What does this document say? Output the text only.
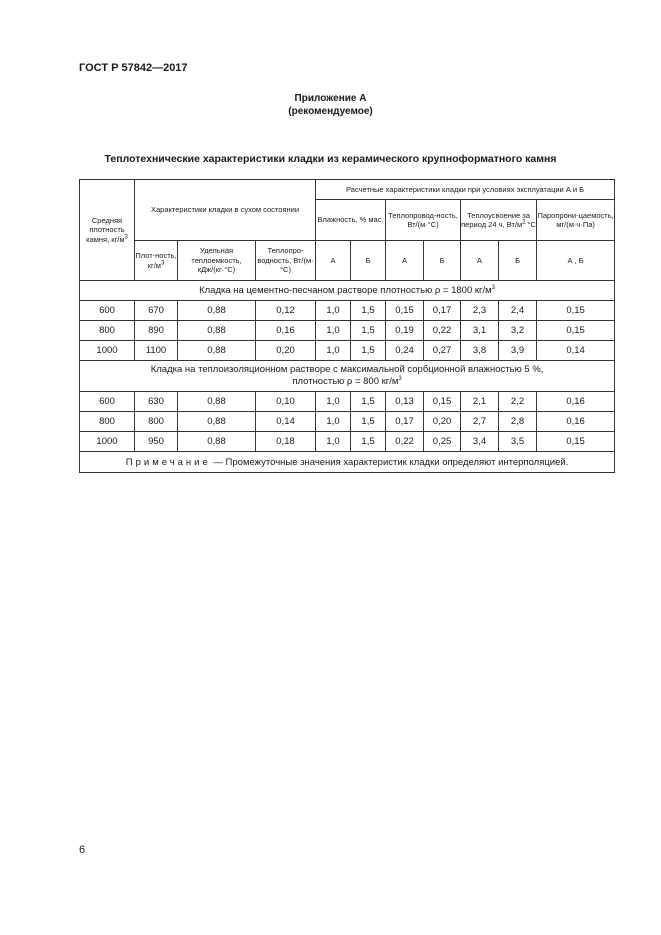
ГОСТ Р 57842—2017
Приложение А
(рекомендуемое)
Теплотехнические характеристики кладки из керамического крупноформатного камня
Средняя плотность камня, $кг/м^3$	Характеристики кладки в сухом состоянии			Расчетные характеристики кладки при условиях эксплуатации А и Б						
				Влажность, % мас.		Теплопровод-ность, Вт/(м·°С)		Теплоусвоение за период 24 ч, $Вт/м^2$ °С		Паропрони-цаемость, мг/(м·ч·Па)
	Плот-ность, $кг/м^3$	Удельная теплоемкость, кДж/(кг·°С)	Теплопро-водность, Вт/(м· °С)	А	Б	А	Б	А	Б	А , Б
Кладка на цементно-песчаном растворе плотностью ρ = 1800 $кг/м^3$
600	670	0,88	0,12	1,0	1,5	0,15	0,17	2,3	2,4	0,15
800	890	0,88	0,16	1,0	1,5	0,19	0,22	3,1	3,2	0,15
1000	1100	0,88	0,20	1,0	1,5	0,24	0,27	3,8	3,9	0,14

Кладка на теплоизоляционном растворе с максимальной сорбционной влажностью 5 %,
плотностью ρ = 800 $кг/м^3$

600	630	0,88	0,10	1,0	1,5	0,13	0,15	2,1	2,2	0,16
800	800	0,88	0,14	1,0	1,5	0,17	0,20	2,7	2,8	0,16
1000	950	0,88	0,18	1,0	1,5	0,22	0,25	3,4	3,5	0,15
Примечание — Промежуточные значения характеристик кладки определяют интерполяцией.										
6
